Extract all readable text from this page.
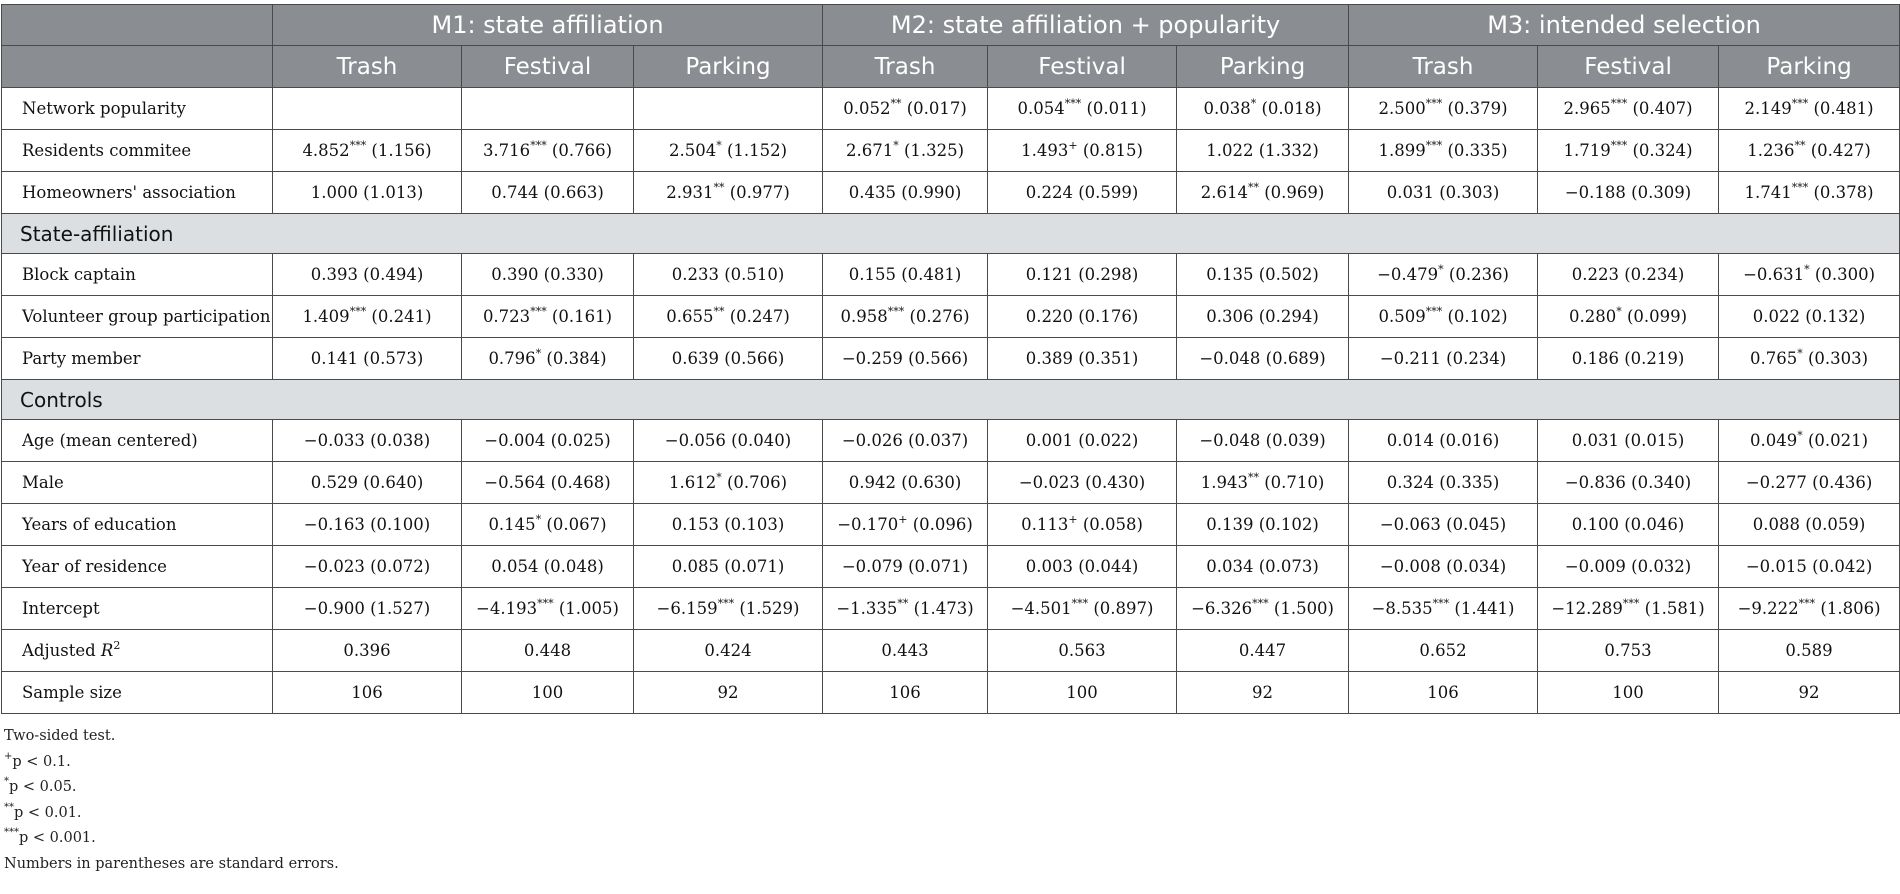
	M1: state affiliation			M2: state affiliation + popularity			M3: intended selection		
	Trash	Festival	Parking	Trash	Festival	Parking	Trash	Festival	Parking
Network popularity				0.052** (0.017)	0.054*** (0.011)	0.038* (0.018)	2.500*** (0.379)	2.965*** (0.407)	2.149*** (0.481)
Residents commitee	4.852*** (1.156)	3.716*** (0.766)	2.504* (1.152)	2.671* (1.325)	1.493+ (0.815)	1.022 (1.332)	1.899*** (0.335)	1.719*** (0.324)	1.236** (0.427)
Homeowners' association	1.000 (1.013)	0.744 (0.663)	2.931** (0.977)	0.435 (0.990)	0.224 (0.599)	2.614** (0.969)	0.031 (0.303)	−0.188 (0.309)	1.741*** (0.378)
State-affiliation									
Block captain	0.393 (0.494)	0.390 (0.330)	0.233 (0.510)	0.155 (0.481)	0.121 (0.298)	0.135 (0.502)	−0.479* (0.236)	0.223 (0.234)	−0.631* (0.300)
Volunteer group participation	1.409*** (0.241)	0.723*** (0.161)	0.655** (0.247)	0.958*** (0.276)	0.220 (0.176)	0.306 (0.294)	0.509*** (0.102)	0.280* (0.099)	0.022 (0.132)
Party member	0.141 (0.573)	0.796* (0.384)	0.639 (0.566)	−0.259 (0.566)	0.389 (0.351)	−0.048 (0.689)	−0.211 (0.234)	0.186 (0.219)	0.765* (0.303)
Controls									
Age (mean centered)	−0.033 (0.038)	−0.004 (0.025)	−0.056 (0.040)	−0.026 (0.037)	0.001 (0.022)	−0.048 (0.039)	0.014 (0.016)	0.031 (0.015)	0.049* (0.021)
Male	0.529 (0.640)	−0.564 (0.468)	1.612* (0.706)	0.942 (0.630)	−0.023 (0.430)	1.943** (0.710)	0.324 (0.335)	−0.836 (0.340)	−0.277 (0.436)
Years of education	−0.163 (0.100)	0.145* (0.067)	0.153 (0.103)	−0.170+ (0.096)	0.113+ (0.058)	0.139 (0.102)	−0.063 (0.045)	0.100 (0.046)	0.088 (0.059)
Year of residence	−0.023 (0.072)	0.054 (0.048)	0.085 (0.071)	−0.079 (0.071)	0.003 (0.044)	0.034 (0.073)	−0.008 (0.034)	−0.009 (0.032)	−0.015 (0.042)
Intercept	−0.900 (1.527)	−4.193*** (1.005)	−6.159*** (1.529)	−1.335** (1.473)	−4.501*** (0.897)	−6.326*** (1.500)	−8.535*** (1.441)	−12.289*** (1.581)	−9.222*** (1.806)
Adjusted $R^2$	0.396	0.448	0.424	0.443	0.563	0.447	0.652	0.753	0.589
Sample size	106	100	92	106	100	92	106	100	92
Two-sided test.
+p < 0.1.
*p < 0.05.
**p < 0.01.
***p < 0.001.
Numbers in parentheses are standard errors.
